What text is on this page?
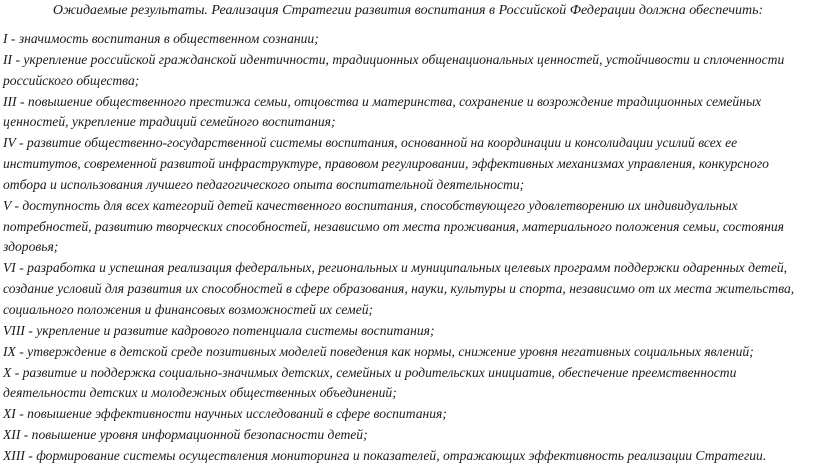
Ожидаемые результаты. Реализация Стратегии развития воспитания в Российской Федерации должна обеспечить:
I - значимость воспитания в общественном сознании;
II - укрепление российской гражданской идентичности, традиционных общенациональных ценностей, устойчивости и сплоченности российского общества;
III - повышение общественного престижа семьи, отцовства и материнства, сохранение и возрождение традиционных семейных ценностей, укрепление традиций семейного воспитания;
IV - развитие общественно-государственной системы воспитания, основанной на координации и консолидации усилий всех ее институтов, современной развитой инфраструктуре, правовом регулировании, эффективных механизмах управления, конкурсного отбора и использования лучшего педагогического опыта воспитательной деятельности;
V - доступность для всех категорий детей качественного воспитания, способствующего удовлетворению их индивидуальных потребностей, развитию творческих способностей, независимо от места проживания, материального положения семьи, состояния здоровья;
VI - разработка и успешная реализация федеральных, региональных и муниципальных целевых программ поддержки одаренных детей, создание условий для развития их способностей в сфере образования, науки, культуры и спорта, независимо от их места жительства, социального положения и финансовых возможностей их семей;
VIII - укрепление и развитие кадрового потенциала системы воспитания;
IX - утверждение в детской среде позитивных моделей поведения как нормы, снижение уровня негативных социальных явлений;
X - развитие и поддержка социально-значимых детских, семейных и родительских инициатив, обеспечение преемственности деятельности детских и молодежных общественных объединений;
XI - повышение эффективности научных исследований в сфере воспитания;
XII - повышение уровня информационной безопасности детей;
XIII - формирование системы осуществления мониторинга и показателей, отражающих эффективность реализации Стратегии.
